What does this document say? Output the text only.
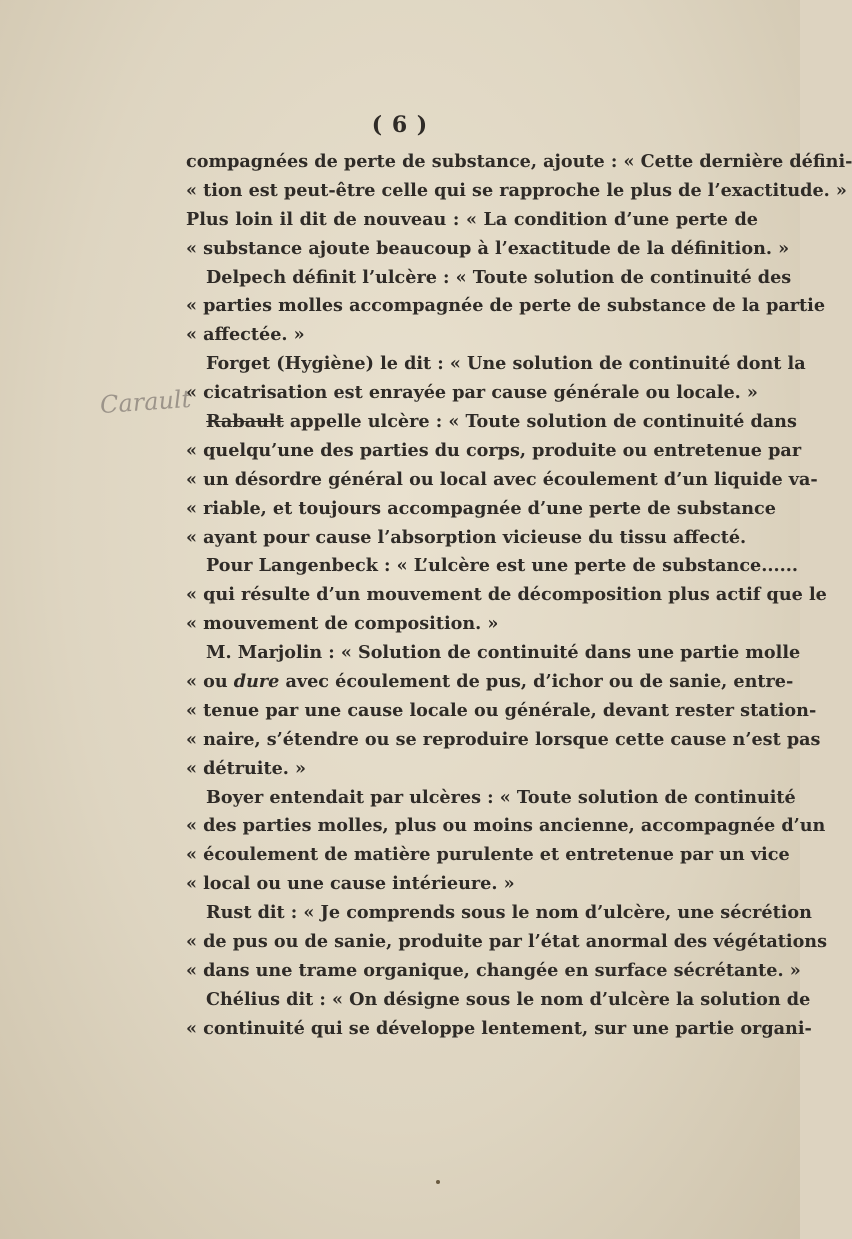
( 6 )
Carault
compagnées de perte de substance, ajoute : « Cette dernière défini-
« tion est peut-être celle qui se rapproche le plus de l’exactitude. »
Plus loin il dit de nouveau : « La condition d’une perte de
« substance ajoute beaucoup à l’exactitude de la définition. »
Delpech définit l’ulcère : « Toute solution de continuité des
« parties molles accompagnée de perte de substance de la partie
« affectée. »
Forget (Hygiène) le dit : « Une solution de continuité dont la
« cicatrisation est enrayée par cause générale ou locale. »
Rabault appelle ulcère : « Toute solution de continuité dans
« quelqu’une des parties du corps, produite ou entretenue par
« un désordre général ou local avec écoulement d’un liquide va-
« riable, et toujours accompagnée d’une perte de substance
« ayant pour cause l’absorption vicieuse du tissu affecté.
Pour Langenbeck : « L’ulcère est une perte de substance......
« qui résulte d’un mouvement de décomposition plus actif que le
« mouvement de composition. »
M. Marjolin : « Solution de continuité dans une partie molle
« ou dure avec écoulement de pus, d’ichor ou de sanie, entre-
« tenue par une cause locale ou générale, devant rester station-
« naire, s’étendre ou se reproduire lorsque cette cause n’est pas
« détruite. »
Boyer entendait par ulcères : « Toute solution de continuité
« des parties molles, plus ou moins ancienne, accompagnée d’un
« écoulement de matière purulente et entretenue par un vice
« local ou une cause intérieure. »
Rust dit : « Je comprends sous le nom d’ulcère, une sécrétion
« de pus ou de sanie, produite par l’état anormal des végétations
« dans une trame organique, changée en surface sécrétante. »
Chélius dit : « On désigne sous le nom d’ulcère la solution de
« continuité qui se développe lentement, sur une partie organi-
